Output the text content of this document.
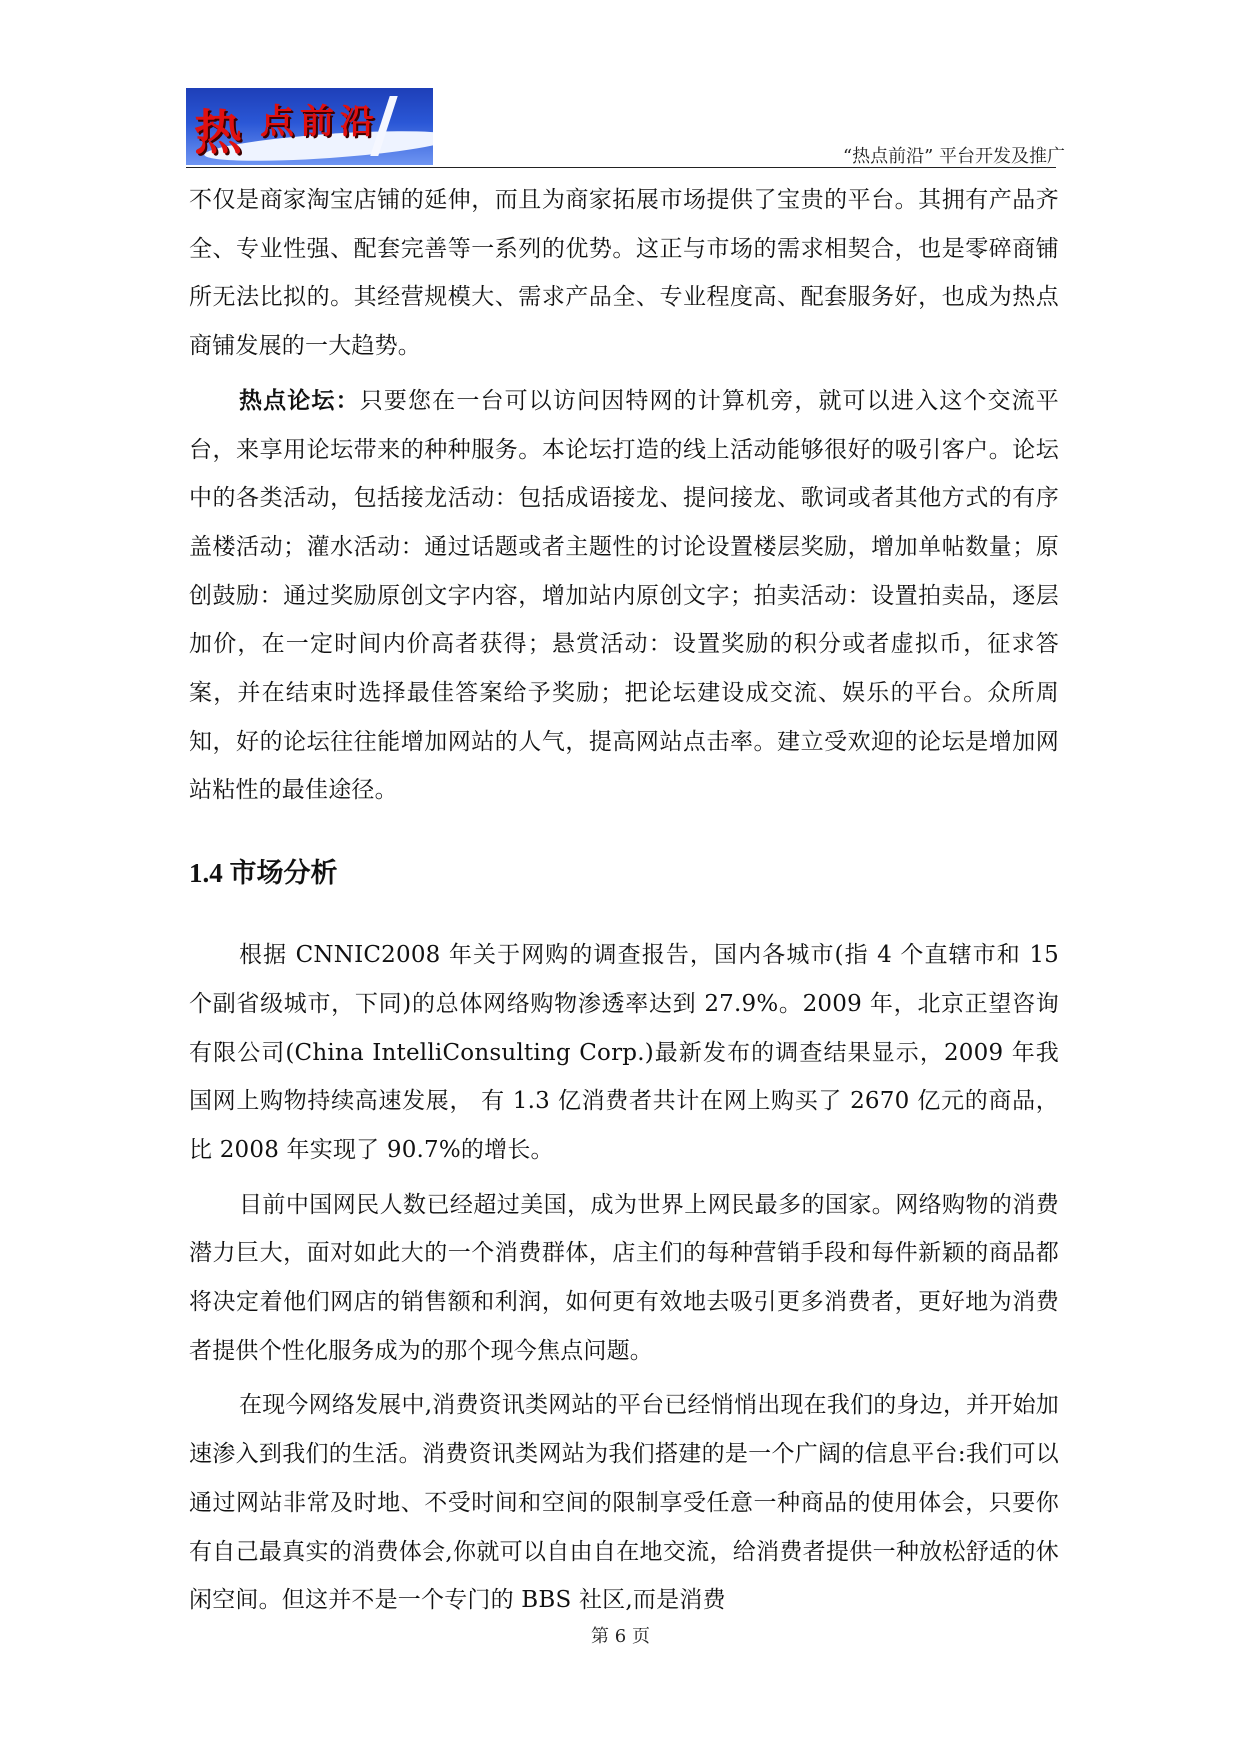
热 点前沿
“热点前沿” 平台开发及推广

不仅是商家淘宝店铺的延伸，而且为商家拓展市场提供了宝贵的平台。其拥有产品齐全、专业性强、配套完善等一系列的优势。这正与市场的需求相契合，也是零碎商铺所无法比拟的。其经营规模大、需求产品全、专业程度高、配套服务好，也成为热点商铺发展的一大趋势。

热点论坛：只要您在一台可以访问因特网的计算机旁，就可以进入这个交流平台，来享用论坛带来的种种服务。本论坛打造的线上活动能够很好的吸引客户。论坛中的各类活动，包括接龙活动：包括成语接龙、提问接龙、歌词或者其他方式的有序盖楼活动；灌水活动：通过话题或者主题性的讨论设置楼层奖励，增加单帖数量；原创鼓励：通过奖励原创文字内容，增加站内原创文字；拍卖活动：设置拍卖品，逐层加价，在一定时间内价高者获得；悬赏活动：设置奖励的积分或者虚拟币，征求答案，并在结束时选择最佳答案给予奖励；把论坛建设成交流、娱乐的平台。众所周知，好的论坛往往能增加网站的人气，提高网站点击率。建立受欢迎的论坛是增加网站粘性的最佳途径。

1.4 市场分析

根据 CNNIC2008 年关于网购的调查报告，国内各城市(指 4 个直辖市和 15 个副省级城市，下同)的总体网络购物渗透率达到 27.9%。2009 年，北京正望咨询有限公司(China IntelliConsulting Corp.)最新发布的调查结果显示，2009 年我国网上购物持续高速发展， 有 1.3 亿消费者共计在网上购买了 2670 亿元的商品，比 2008 年实现了 90.7%的增长。

目前中国网民人数已经超过美国，成为世界上网民最多的国家。网络购物的消费潜力巨大，面对如此大的一个消费群体，店主们的每种营销手段和每件新颖的商品都将决定着他们网店的销售额和利润，如何更有效地去吸引更多消费者，更好地为消费者提供个性化服务成为的那个现今焦点问题。

在现今网络发展中,消费资讯类网站的平台已经悄悄出现在我们的身边，并开始加速渗入到我们的生活。消费资讯类网站为我们搭建的是一个广阔的信息平台:我们可以通过网站非常及时地、不受时间和空间的限制享受任意一种商品的使用体会，只要你有自己最真实的消费体会,你就可以自由自在地交流，给消费者提供一种放松舒适的休闲空间。但这并不是一个专门的 BBS 社区,而是消费

第 6 页
